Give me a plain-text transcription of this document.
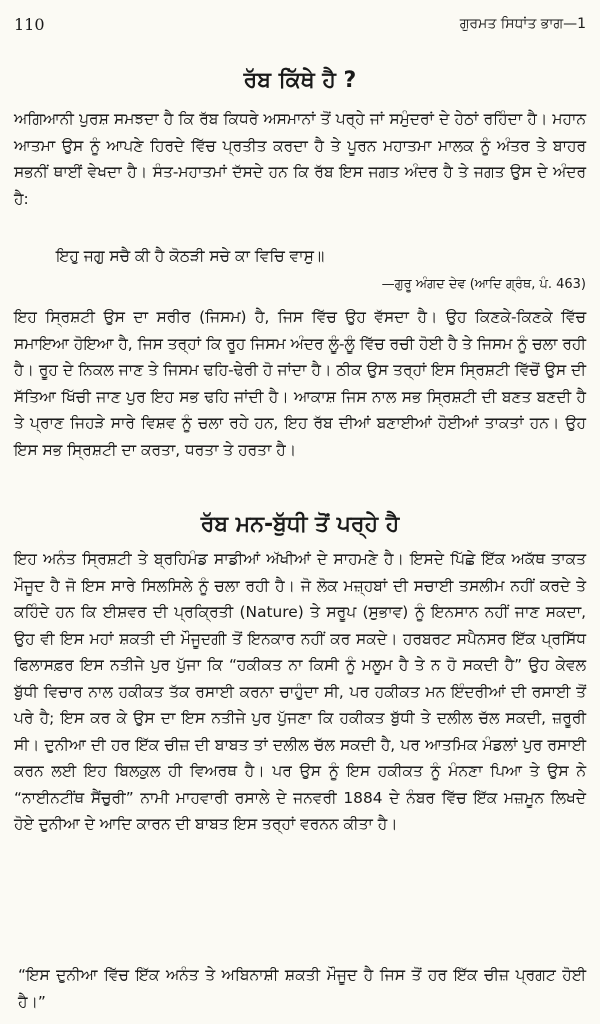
110	ਗੁਰਮਤ ਸਿਧਾਂਤ ਭਾਗ—1
ਰੱਬ ਕਿੱਥੇ ਹੈ ?

ਅਗਿਆਨੀ ਪੁਰਸ਼ ਸਮਝਦਾ ਹੈ ਕਿ ਰੱਬ ਕਿਧਰੇ ਅਸਮਾਨਾਂ ਤੋਂ ਪਰ੍ਹੇ ਜਾਂ ਸਮੁੰਦਰਾਂ ਦੇ ਹੇਠਾਂ ਰਹਿੰਦਾ ਹੈ। ਮਹਾਨ ਆਤਮਾ ਉਸ ਨੂੰ ਆਪਣੇ ਹਿਰਦੇ ਵਿੱਚ ਪ੍ਰਤੀਤ ਕਰਦਾ ਹੈ ਤੇ ਪੂਰਨ ਮਹਾਤਮਾ ਮਾਲਕ ਨੂੰ ਅੰਤਰ ਤੇ ਬਾਹਰ ਸਭਨੀਂ ਥਾਈਂ ਵੇਖਦਾ ਹੈ। ਸੰਤ-ਮਹਾਤਮਾਂ ਦੱਸਦੇ ਹਨ ਕਿ ਰੱਬ ਇਸ ਜਗਤ ਅੰਦਰ ਹੈ ਤੇ ਜਗਤ ਉਸ ਦੇ ਅੰਦਰ ਹੈ:

ਇਹੁ ਜਗੁ ਸਚੈ ਕੀ ਹੈ ਕੋਠੜੀ ਸਚੇ ਕਾ ਵਿਚਿ ਵਾਸੁ॥

—ਗੁਰੂ ਅੰਗਦ ਦੇਵ (ਆਦਿ ਗ੍ਰੰਥ, ਪੰ. 463)

ਇਹ ਸ੍ਰਿਸ਼ਟੀ ਉਸ ਦਾ ਸਰੀਰ (ਜਿਸਮ) ਹੈ, ਜਿਸ ਵਿੱਚ ਉਹ ਵੱਸਦਾ ਹੈ। ਉਹ ਕਿਣਕੇ-ਕਿਣਕੇ ਵਿੱਚ ਸਮਾਇਆ ਹੋਇਆ ਹੈ, ਜਿਸ ਤਰ੍ਹਾਂ ਕਿ ਰੂਹ ਜਿਸਮ ਅੰਦਰ ਲੂੰ-ਲੂੰ ਵਿੱਚ ਰਚੀ ਹੋਈ ਹੈ ਤੇ ਜਿਸਮ ਨੂੰ ਚਲਾ ਰਹੀ ਹੈ। ਰੂਹ ਦੇ ਨਿਕਲ ਜਾਣ ਤੇ ਜਿਸਮ ਢਹਿ-ਢੇਰੀ ਹੋ ਜਾਂਦਾ ਹੈ। ਠੀਕ ਉਸ ਤਰ੍ਹਾਂ ਇਸ ਸ੍ਰਿਸ਼ਟੀ ਵਿੱਚੋਂ ਉਸ ਦੀ ਸੱਤਿਆ ਖਿੱਚੀ ਜਾਣ ਪੁਰ ਇਹ ਸਭ ਢਹਿ ਜਾਂਦੀ ਹੈ। ਆਕਾਸ਼ ਜਿਸ ਨਾਲ ਸਭ ਸ੍ਰਿਸ਼ਟੀ ਦੀ ਬਣਤ ਬਣਦੀ ਹੈ ਤੇ ਪ੍ਰਾਣ ਜਿਹੜੇ ਸਾਰੇ ਵਿਸ਼ਵ ਨੂੰ ਚਲਾ ਰਹੇ ਹਨ, ਇਹ ਰੱਬ ਦੀਆਂ ਬਣਾਈਆਂ ਹੋਈਆਂ ਤਾਕਤਾਂ ਹਨ। ਉਹ ਇਸ ਸਭ ਸ੍ਰਿਸ਼ਟੀ ਦਾ ਕਰਤਾ, ਧਰਤਾ ਤੇ ਹਰਤਾ ਹੈ।

ਰੱਬ ਮਨ-ਬੁੱਧੀ ਤੋਂ ਪਰ੍ਹੇ ਹੈ

ਇਹ ਅਨੰਤ ਸ੍ਰਿਸ਼ਟੀ ਤੇ ਬ੍ਰਹਿਮੰਡ ਸਾਡੀਆਂ ਅੱਖੀਆਂ ਦੇ ਸਾਹਮਣੇ ਹੈ। ਇਸਦੇ ਪਿੱਛੇ ਇੱਕ ਅਕੱਥ ਤਾਕਤ ਮੌਜੂਦ ਹੈ ਜੋ ਇਸ ਸਾਰੇ ਸਿਲਸਿਲੇ ਨੂੰ ਚਲਾ ਰਹੀ ਹੈ। ਜੋ ਲੋਕ ਮਜ਼੍ਹਬਾਂ ਦੀ ਸਚਾਈ ਤਸਲੀਮ ਨਹੀਂ ਕਰਦੇ ਤੇ ਕਹਿੰਦੇ ਹਨ ਕਿ ਈਸ਼ਵਰ ਦੀ ਪ੍ਰਕ੍ਰਿਤੀ (Nature) ਤੇ ਸਰੂਪ (ਸੁਭਾਵ) ਨੂੰ ਇਨਸਾਨ ਨਹੀਂ ਜਾਣ ਸਕਦਾ, ਉਹ ਵੀ ਇਸ ਮਹਾਂ ਸ਼ਕਤੀ ਦੀ ਮੌਜੂਦਗੀ ਤੋਂ ਇਨਕਾਰ ਨਹੀਂ ਕਰ ਸਕਦੇ। ਹਰਬਰਟ ਸਪੈਨਸਰ ਇੱਕ ਪ੍ਰਸਿੱਧ ਫਿਲਾਸਫ਼ਰ ਇਸ ਨਤੀਜੇ ਪੁਰ ਪੁੱਜਾ ਕਿ “ਹਕੀਕਤ ਨਾ ਕਿਸੀ ਨੂੰ ਮਲੂਮ ਹੈ ਤੇ ਨ ਹੋ ਸਕਦੀ ਹੈ” ਉਹ ਕੇਵਲ ਬੁੱਧੀ ਵਿਚਾਰ ਨਾਲ ਹਕੀਕਤ ਤੱਕ ਰਸਾਈ ਕਰਨਾ ਚਾਹੁੰਦਾ ਸੀ, ਪਰ ਹਕੀਕਤ ਮਨ ਇੰਦਰੀਆਂ ਦੀ ਰਸਾਈ ਤੋਂ ਪਰੇ ਹੈ; ਇਸ ਕਰ ਕੇ ਉਸ ਦਾ ਇਸ ਨਤੀਜੇ ਪੁਰ ਪੁੱਜਣਾ ਕਿ ਹਕੀਕਤ ਬੁੱਧੀ ਤੇ ਦਲੀਲ ਚੱਲ ਸਕਦੀ, ਜ਼ਰੂਰੀ ਸੀ। ਦੁਨੀਆ ਦੀ ਹਰ ਇੱਕ ਚੀਜ਼ ਦੀ ਬਾਬਤ ਤਾਂ ਦਲੀਲ ਚੱਲ ਸਕਦੀ ਹੈ, ਪਰ ਆਤਮਿਕ ਮੰਡਲਾਂ ਪੁਰ ਰਸਾਈ ਕਰਨ ਲਈ ਇਹ ਬਿਲਕੁਲ ਹੀ ਵਿਅਰਥ ਹੈ। ਪਰ ਉਸ ਨੂੰ ਇਸ ਹਕੀਕਤ ਨੂੰ ਮੰਨਣਾ ਪਿਆ ਤੇ ਉਸ ਨੇ “ਨਾਈਨਟੀਂਥ ਸੈਂਚੁਰੀ” ਨਾਮੀ ਮਾਹਵਾਰੀ ਰਸਾਲੇ ਦੇ ਜਨਵਰੀ 1884 ਦੇ ਨੰਬਰ ਵਿੱਚ ਇੱਕ ਮਜ਼ਮੂਨ ਲਿਖਦੇ ਹੋਏ ਦੁਨੀਆ ਦੇ ਆਦਿ ਕਾਰਨ ਦੀ ਬਾਬਤ ਇਸ ਤਰ੍ਹਾਂ ਵਰਨਨ ਕੀਤਾ ਹੈ।

“ਇਸ ਦੁਨੀਆ ਵਿੱਚ ਇੱਕ ਅਨੰਤ ਤੇ ਅਬਿਨਾਸ਼ੀ ਸ਼ਕਤੀ ਮੌਜੂਦ ਹੈ ਜਿਸ ਤੋਂ ਹਰ ਇੱਕ ਚੀਜ਼ ਪ੍ਰਗਟ ਹੋਈ ਹੈ।”
